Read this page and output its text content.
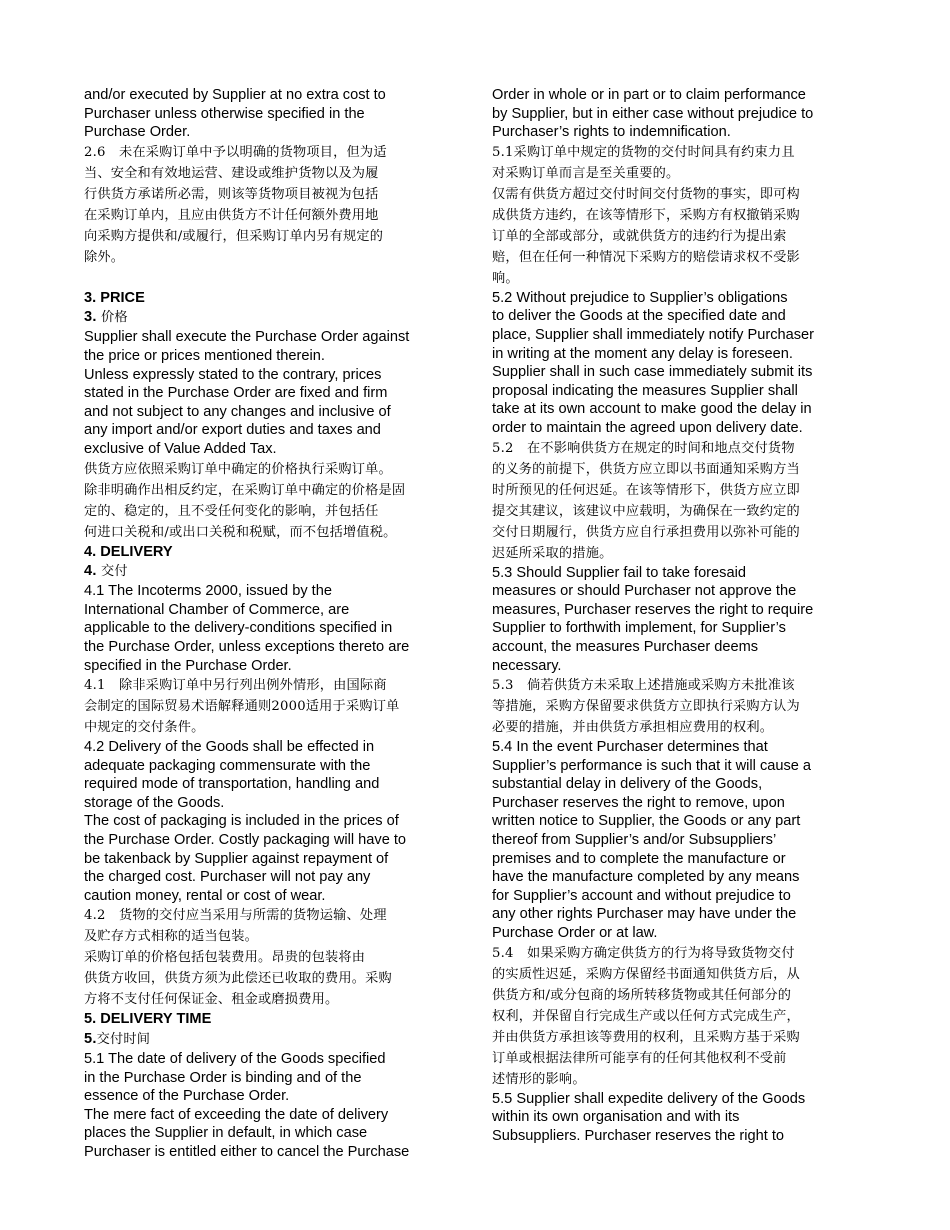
and/or executed by Supplier at no extra cost to
Purchaser unless otherwise specified in the
Purchase Order.
2.6　未在采购订单中予以明确的货物项目，但为适
当、安全和有效地运营、建设或维护货物以及为履
行供货方承诺所必需，则该等货物项目被视为包括
在采购订单内，且应由供货方不计任何额外费用地
向采购方提供和/或履行，但采购订单内另有规定的
除外。
3. PRICE
3. 价格
Supplier shall execute the Purchase Order against
the price or prices mentioned therein.
Unless expressly stated to the contrary, prices
stated in the Purchase Order are fixed and firm
and not subject to any changes and inclusive of
any import and/or export duties and taxes and
exclusive of Value Added Tax.
供货方应依照采购订单中确定的价格执行采购订单。
除非明确作出相反约定，在采购订单中确定的价格是固
定的、稳定的，且不受任何变化的影响，并包括任
何进口关税和/或出口关税和税赋，而不包括增值税。
4. DELIVERY
4. 交付
4.1 The Incoterms 2000, issued by the
International Chamber of Commerce, are
applicable to the delivery-conditions specified in
the Purchase Order, unless exceptions thereto are
specified in the Purchase Order.
4.1　除非采购订单中另行列出例外情形，由国际商
会制定的国际贸易术语解释通则2000适用于采购订单
中规定的交付条件。
4.2 Delivery of the Goods shall be effected in
adequate packaging commensurate with the
required mode of transportation, handling and
storage of the Goods.
The cost of packaging is included in the prices of
the Purchase Order. Costly packaging will have to
be takenback by Supplier against repayment of
the charged cost. Purchaser will not pay any
caution money, rental or cost of wear.
4.2　货物的交付应当采用与所需的货物运输、处理
及贮存方式相称的适当包装。
采购订单的价格包括包装费用。昂贵的包装将由
供货方收回，供货方须为此偿还已收取的费用。采购
方将不支付任何保证金、租金或磨损费用。
5. DELIVERY TIME
5.交付时间
5.1 The date of delivery of the Goods specified
in the Purchase Order is binding and of the
essence of the Purchase Order.
The mere fact of exceeding the date of delivery
places the Supplier in default, in which case
Purchaser is entitled either to cancel the Purchase
Order in whole or in part or to claim performance
by Supplier, but in either case without prejudice to
Purchaser’s rights to indemnification.
5.1采购订单中规定的货物的交付时间具有约束力且
对采购订单而言是至关重要的。
仅需有供货方超过交付时间交付货物的事实，即可构
成供货方违约，在该等情形下，采购方有权撤销采购
订单的全部或部分，或就供货方的违约行为提出索
赔，但在任何一种情况下采购方的赔偿请求权不受影
响。
5.2 Without prejudice to Supplier’s obligations
to deliver the Goods at the specified date and
place, Supplier shall immediately notify Purchaser
in writing at the moment any delay is foreseen.
Supplier shall in such case immediately submit its
proposal indicating the measures Supplier shall
take at its own account to make good the delay in
order to maintain the agreed upon delivery date.
5.2　在不影响供货方在规定的时间和地点交付货物
的义务的前提下，供货方应立即以书面通知采购方当
时所预见的任何迟延。在该等情形下，供货方应立即
提交其建议，该建议中应载明，为确保在一致约定的
交付日期履行，供货方应自行承担费用以弥补可能的
迟延所采取的措施。
5.3 Should Supplier fail to take foresaid
measures or should Purchaser not approve the
measures, Purchaser reserves the right to require
Supplier to forthwith implement, for Supplier’s
account, the measures Purchaser deems
necessary.
5.3　倘若供货方未采取上述措施或采购方未批准该
等措施，采购方保留要求供货方立即执行采购方认为
必要的措施，并由供货方承担相应费用的权利。
5.4 In the event Purchaser determines that
Supplier’s performance is such that it will cause a
substantial delay in delivery of the Goods,
Purchaser reserves the right to remove, upon
written notice to Supplier, the Goods or any part
thereof from Supplier’s and/or Subsuppliers’
premises and to complete the manufacture or
have the manufacture completed by any means
for Supplier’s account and without prejudice to
any other rights Purchaser may have under the
Purchase Order or at law.
5.4　如果采购方确定供货方的行为将导致货物交付
的实质性迟延，采购方保留经书面通知供货方后，从
供货方和/或分包商的场所转移货物或其任何部分的
权利，并保留自行完成生产或以任何方式完成生产，
并由供货方承担该等费用的权利，且采购方基于采购
订单或根据法律所可能享有的任何其他权利不受前
述情形的影响。
5.5 Supplier shall expedite delivery of the Goods
within its own organisation and with its
Subsuppliers. Purchaser reserves the right to
